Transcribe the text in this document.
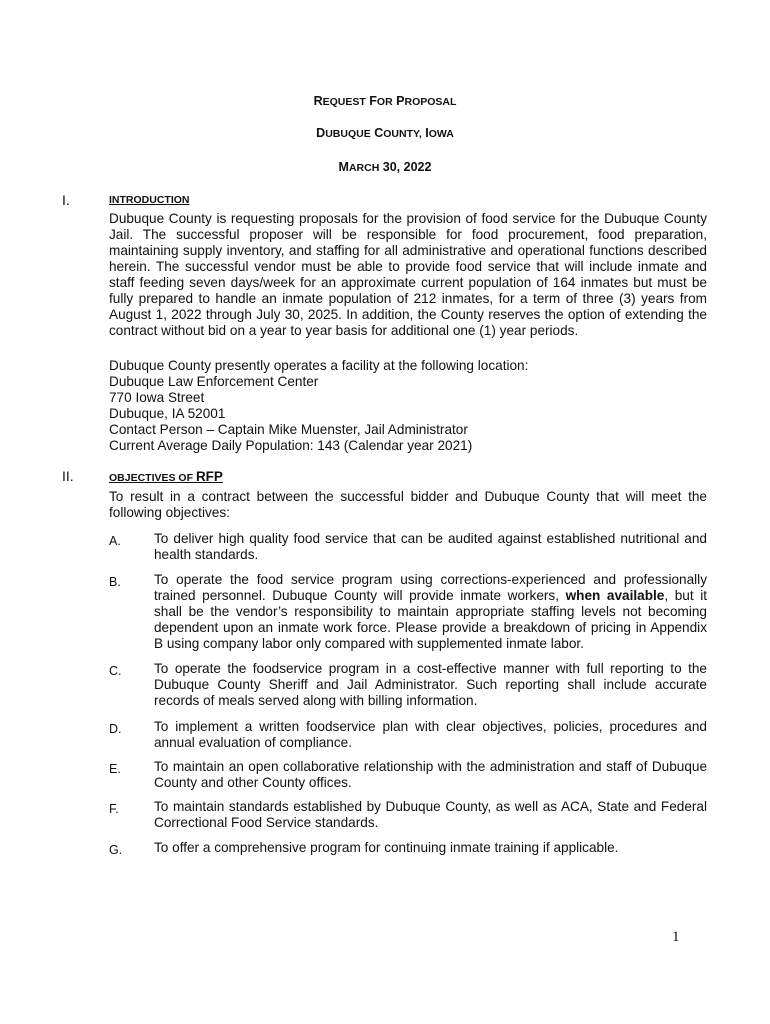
REQUEST FOR PROPOSAL
DUBUQUE COUNTY, IOWA
MARCH 30, 2022
I.	INTRODUCTION
Dubuque County is requesting proposals for the provision of food service for the Dubuque County Jail. The successful proposer will be responsible for food procurement, food preparation, maintaining supply inventory, and staffing for all administrative and operational functions described herein. The successful vendor must be able to provide food service that will include inmate and staff feeding seven days/week for an approximate current population of 164 inmates but must be fully prepared to handle an inmate population of 212 inmates, for a term of three (3) years from August 1, 2022 through July 30, 2025. In addition, the County reserves the option of extending the contract without bid on a year to year basis for additional one (1) year periods.
Dubuque County presently operates a facility at the following location:
Dubuque Law Enforcement Center
770 Iowa Street
Dubuque, IA 52001
Contact Person – Captain Mike Muenster, Jail Administrator
Current Average Daily Population: 143 (Calendar year 2021)
II.	OBJECTIVES OF RFP
To result in a contract between the successful bidder and Dubuque County that will meet the following objectives:
A. To deliver high quality food service that can be audited against established nutritional and health standards.
B. To operate the food service program using corrections-experienced and professionally trained personnel. Dubuque County will provide inmate workers, when available, but it shall be the vendor’s responsibility to maintain appropriate staffing levels not becoming dependent upon an inmate work force. Please provide a breakdown of pricing in Appendix B using company labor only compared with supplemented inmate labor.
C. To operate the foodservice program in a cost-effective manner with full reporting to the Dubuque County Sheriff and Jail Administrator. Such reporting shall include accurate records of meals served along with billing information.
D. To implement a written foodservice plan with clear objectives, policies, procedures and annual evaluation of compliance.
E. To maintain an open collaborative relationship with the administration and staff of Dubuque County and other County offices.
F.	To maintain standards established by Dubuque County, as well as ACA, State and Federal Correctional Food Service standards.
G. To offer a comprehensive program for continuing inmate training if applicable.
1
